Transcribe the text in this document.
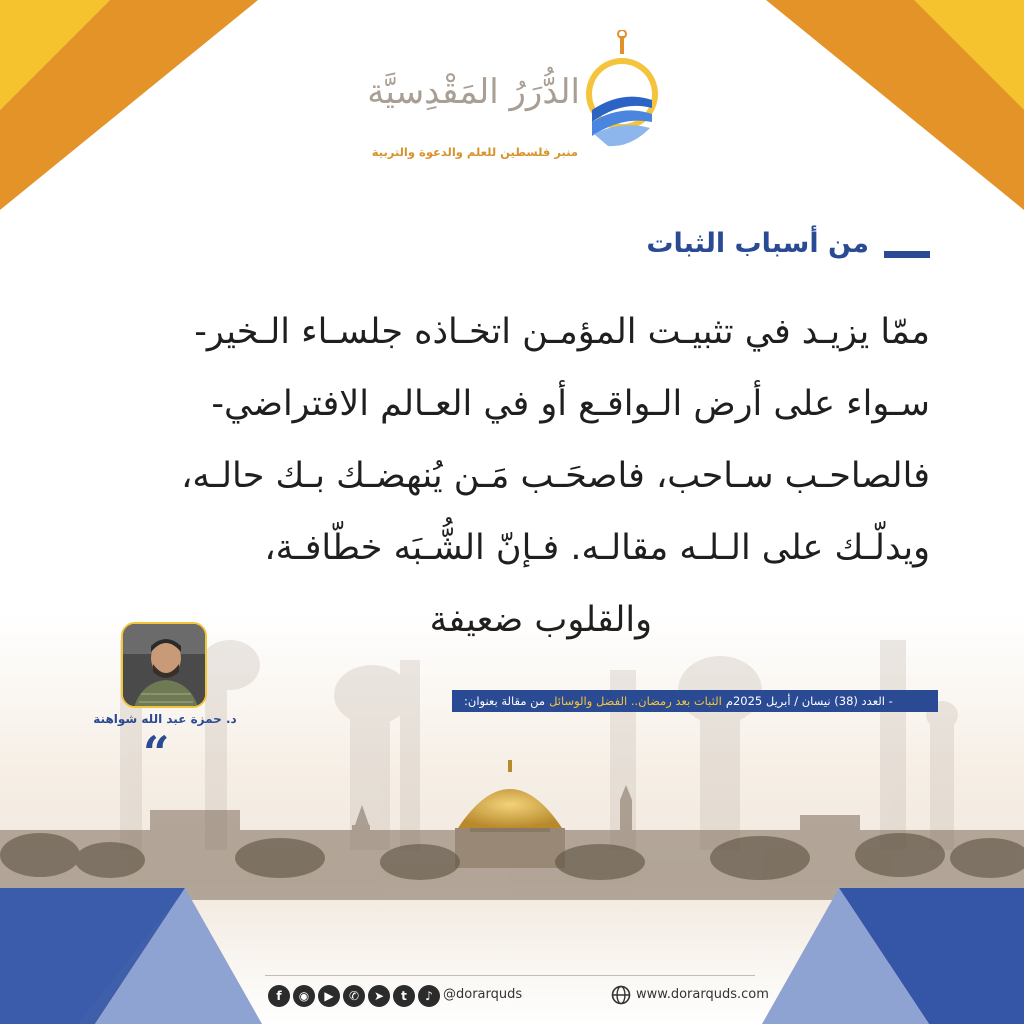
الدُّرَرُ المَقْدِسيَّة
منبر فلسطين للعلم والدعوة والتربية
من أسباب الثبات
ممّا يزيـد في تثبيـت المؤمـن اتخـاذه جلسـاء الـخير-
سـواء على أرض الـواقـع أو في العـالم الافتراضي-
فالصاحـب سـاحب، فاصحَـب مَـن يُنهضـك بـك حالـه،
ويدلّـك على الـلـه مقالـه. فـإنّ الشُّـبَه خطّافـة،
والقلوب ضعيفة
د. حمزة عبد الله شواهنة
“
من مقالة بعنوان: الثبات بعد رمضان.. الفضل والوسائل - العدد (38) نيسان / أبريل 2025م
f	◉	▶	✆	➤	t	♪ @dorarquds	www.dorarquds.com
